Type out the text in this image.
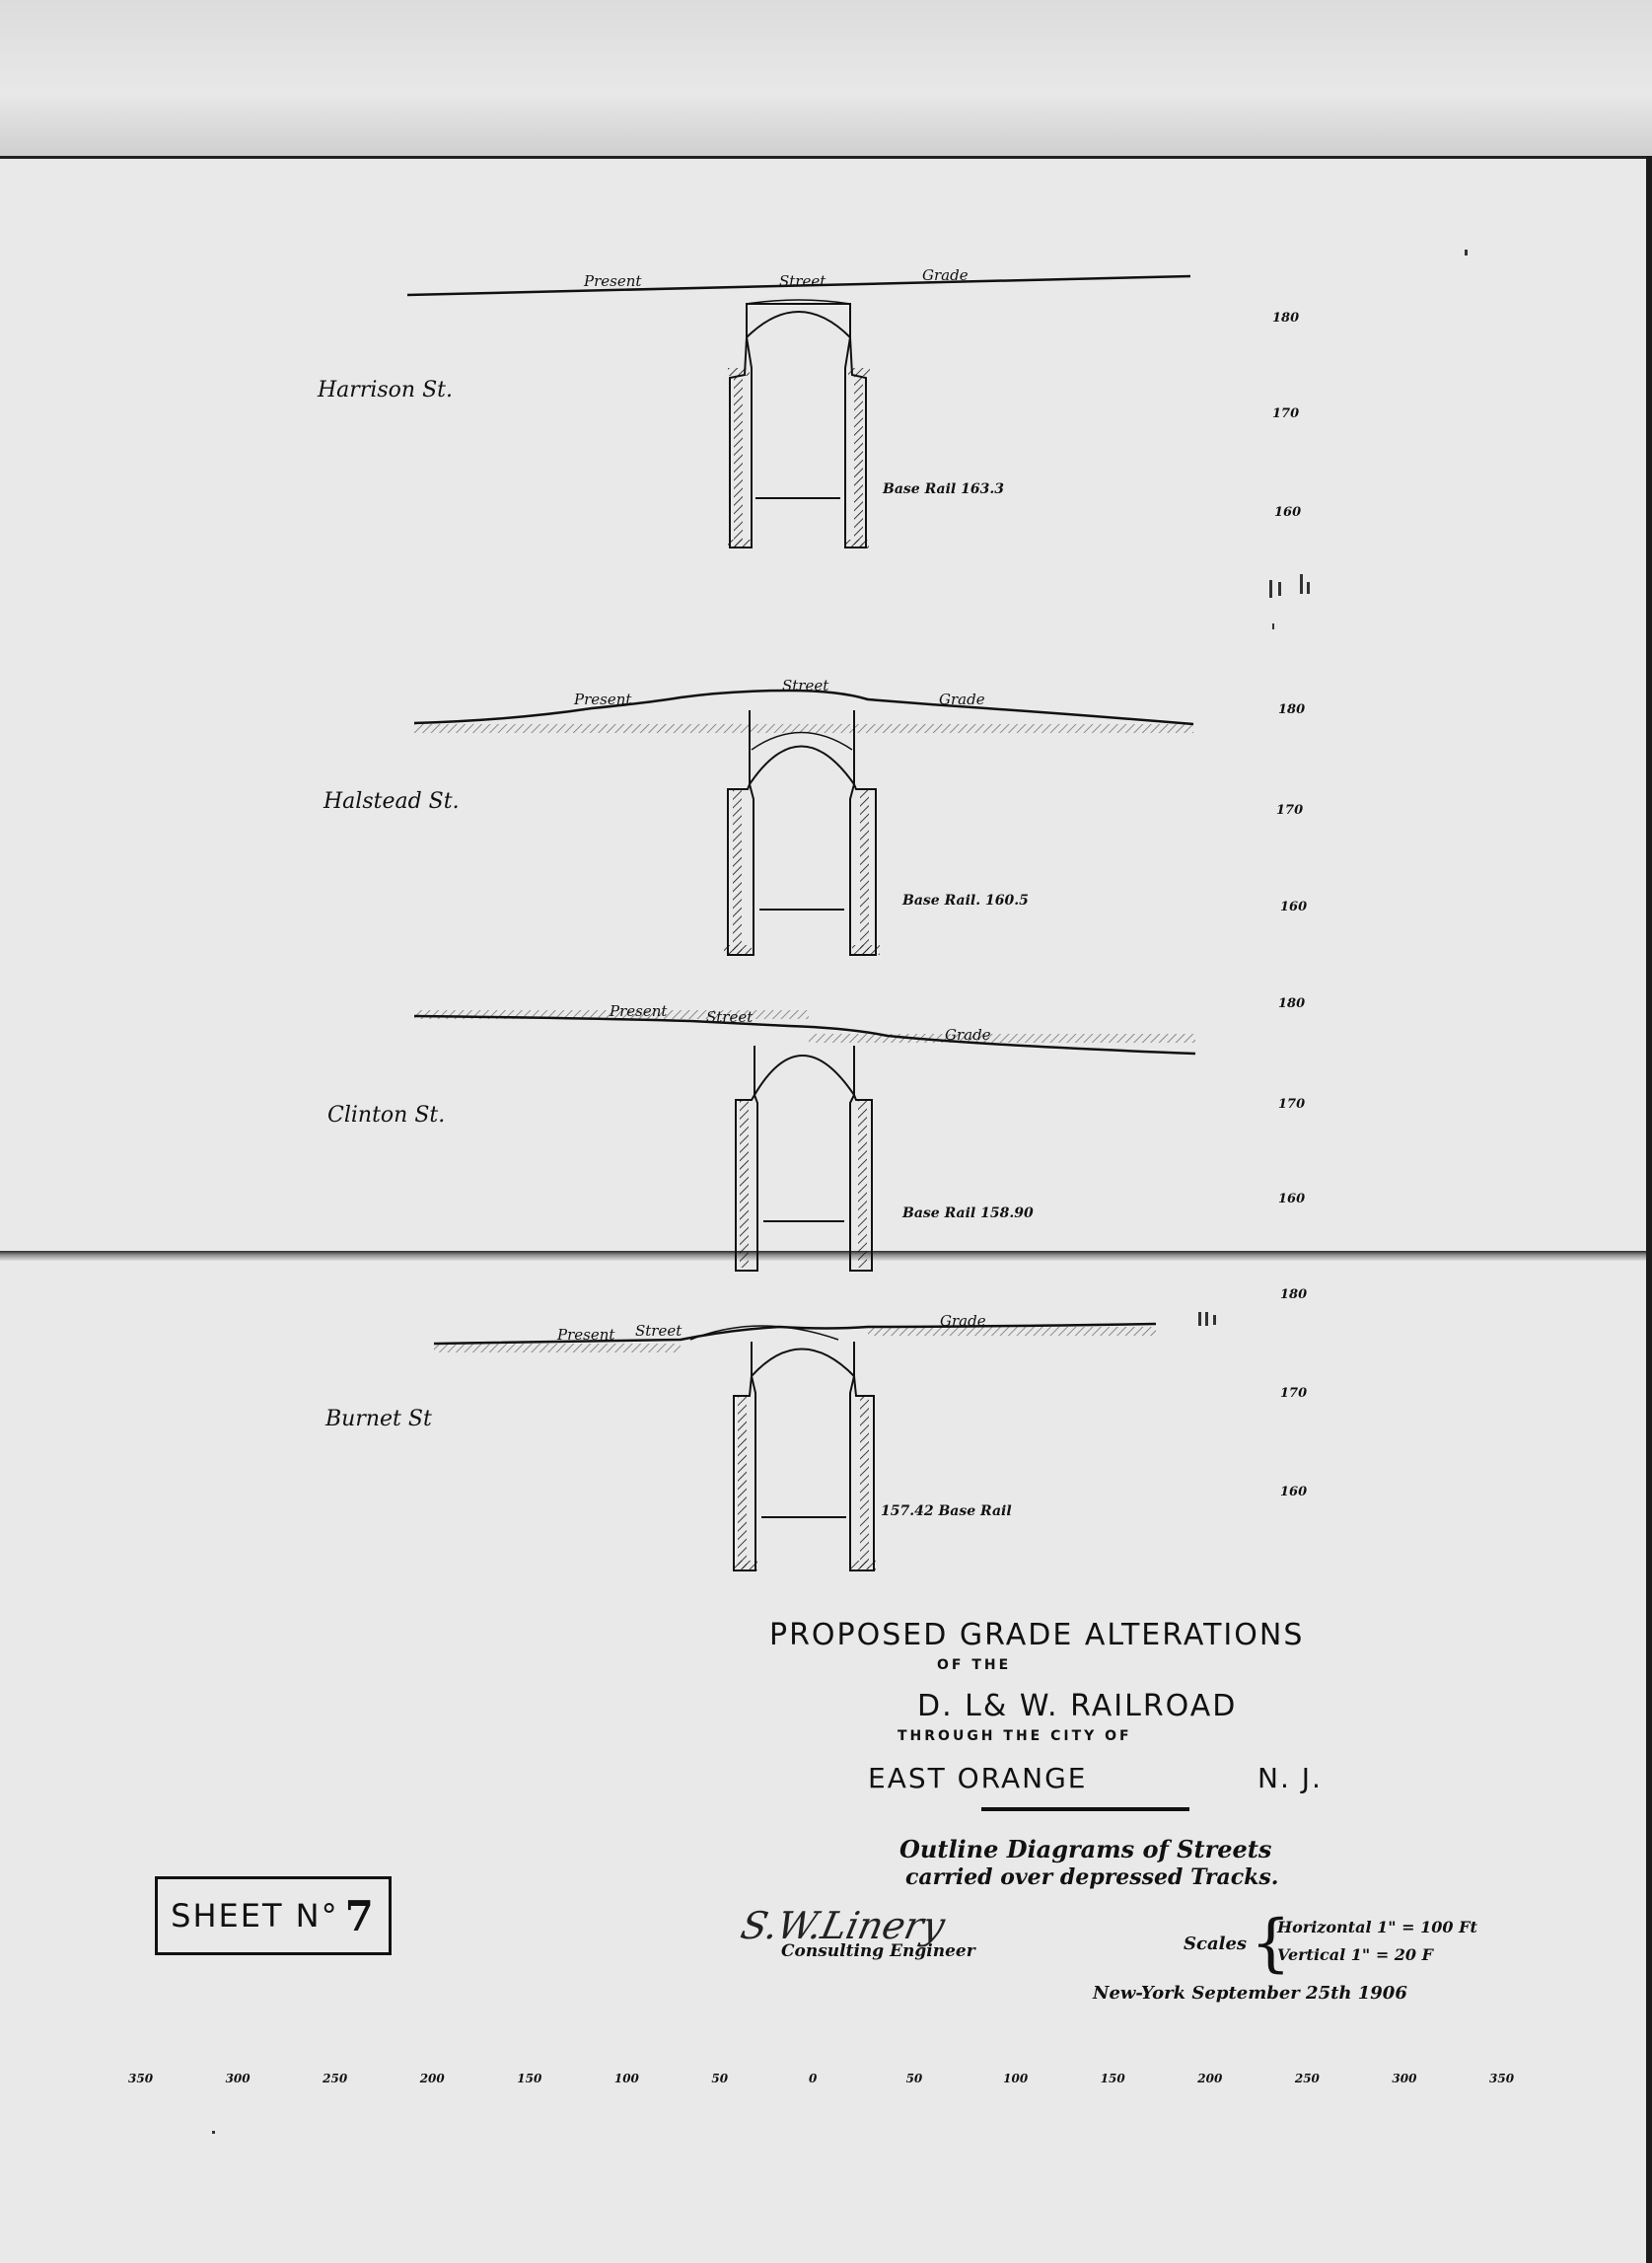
Harrison St.
Present	Street	Grade
Base Rail 163.3
180
170
160
Halstead St.
Present
Street
Grade
Base Rail. 160.5
180
170
160
Clinton St.
Present	Street
Grade
Base Rail 158.90
180
170
160
Burnet St
Present Street
Grade
157.42 Base Rail
180
170
160
PROPOSED GRADE ALTERATIONS
OF THE
D. L& W. RAILROAD
THROUGH THE CITY OF
EAST ORANGE	N. J.
Outline Diagrams of Streets
carried over depressed Tracks.
SHEET N° 7	S.W.Linery
Consulting Engineer	Scales {
Horizontal 1" = 100 Ft
Vertical 1" = 20 F
New-York September 25th 1906
350	300	250	200	150	100	50	0	50	100	150	200	250	300	350
